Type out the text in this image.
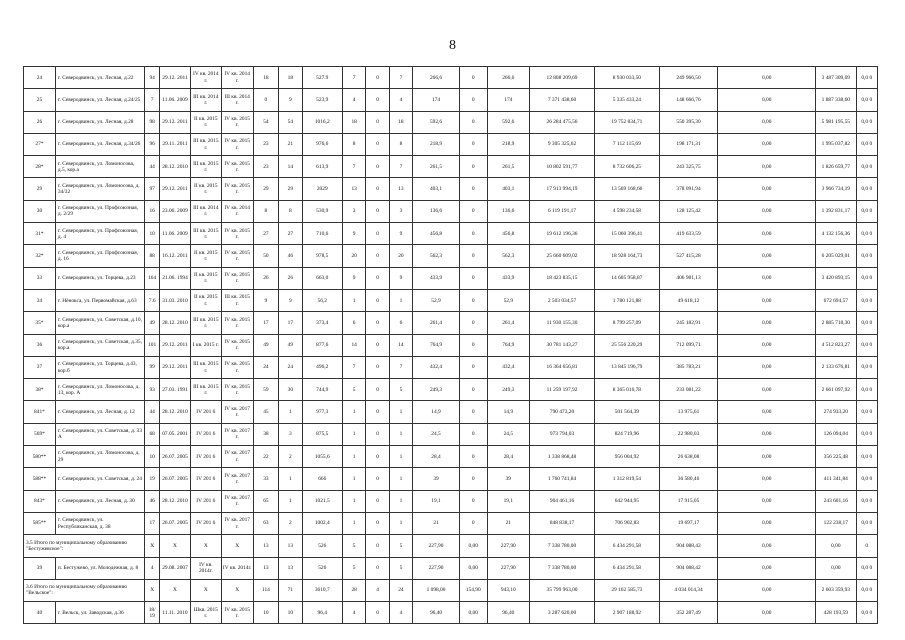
8
24	г. Северодвинск, ул. Лесная, д.22	94	29.12. 2011	IV кв. 2014 г.	IV кв. 2014 г.	18	18	527.9	7	0	7	266,6	0	266,6	12 808 209,69	8 930 033,50	249 966,50	0,00	3 487 309,69	0,0 0
25	г. Северодвинск, ул. Лесная, д.24/25	7	11.06. 2009	III кв. 2014 г.	III кв. 2014 г.	0	9	523,9	4	0	4	174	0	174	7 371 438,60	5 335 433,24	148 666,76	0,00	1 887 338,60	0,0 0
26	г. Северодвинск, ул. Лесная, д.28	98	29.12. 2011	II кв. 2015 г.	IV кв. 2015 г.	54	54	1016,2	18	0	18	592,6	0	592,6	26 284 475,56	19 752 834,71	550 395,30	0,00	5 981 195,55	0,0 0
27*	г. Северодвинск, ул. Лесная, д.34/26	96	29.11. 2011	III кв. 2015 г.	IV кв. 2015 г.	23	21	976,6	8	0	8	218,9	0	218,9	9 305 325,62	7 112 115,69	198 171,31	0,00	1 995 037,82	0,0 0
28*	г. Северодвинск, ул. Ломоносова, д.5, кор.а	44	28.12. 2010	III кв. 2015 г.	IV кв. 2015 г.	23	14	613,9	7	0	7	261,5	0	261,5	10 802 591,77	8 732 606,25	243 325,75	0,00	1 826 659,77	0,0 0
29	г. Северодвинск, ул. Ломоносова, д. 34/32	97	29.12. 2011	II кв. 2015 г.	IV кв. 2015 г.	29	29	2029	13	0	13	403,1	0	403,1	17 913 994,19	13 569 168,66	378 091,94	0,00	3 966 734,19	0,0 0
30	г. Северодвинск, ул. Профсоюзная, д. 2/29	16	23.06. 2009	III кв. 2014 г.	IV кв. 2014 г.	8	8	530,9	3	0	3	136,6	0	136,6	6 119 191,17	4 598 234,58	128 125,42	0,00	1 392 831,17	0,0 0
31*	г. Северодвинск, ул. Профсоюзная, д. 4	10	11.06. 2009	III кв. 2015 г.	IV кв. 2015 г.	27	27	710,6	9	0	9	456,8	0	456,8	19 612 196,36	15 060 396,41	419 633,59	0,00	4 132 156,36	0,0 0
32*	г. Северодвинск, ул. Профсоюзная, д. 16	88	16.12. 2011	II кв. 2015 г.	IV кв. 2015 г.	50	46	978,5	20	0	20	562,3	0	562,3	25 660 609,02	18 928 164,73	527 415,28	0,00	6 205 029,01	0,0 0
33	г. Северодвинск, ул. Торцева, д.23	164	21.06. 1994	II кв. 2015 г.	IV кв. 2015 г.	26	26	663,0	9	0	9	433,9	0	433,9	18 423 835,15	14 605 958,87	406 981,13	0,00	3 420 893,15	0,0 0
34	г. Нёнокса, ул. Первомайская, д.63	7.6	31.03. 2010	II кв. 2015 г.	III кв. 2015 г.	9	9	56,2	1	0	1	52,9	0	52,9	2 503 034,57	1 780 121,88	49 618,12	0,00	672 694,57	0,0 0
35*	г. Северодвинск, ул. Советская, д.10, кор.а	49	28.12. 2010	III кв. 2015 г.	IV кв. 2015 г.	17	17	373,4	6	0	6	261,4	0	261,4	11 930 155,30	8 799 257,09	245 182,91	0,00	2 885 718,30	0,0 0
36	г. Северодвинск, ул. Советская, д.35, кор.а	101	29.12. 2011	I кв. 2015 г.	IV кв. 2015 г.	49	49	877,6	14	0	14	764,9	0	764,9	30 781 143,27	25 556 220,29	712 099,71	0,00	4 512 823,27	0,0 0
37	г. Северодвинск, ул. Торцева, д.43, кор.б	99	29.12. 2011	III кв. 2015 г.	IV кв. 2015 г.	24	24	496,2	7	0	7	432,4	0	432,4	16 364 656,81	13 845 196,79	385 783,21	0,00	2 133 676,81	0,0 0
38*	г. Северодвинск, ул. Ломоносова, д. 13, кор. А	93	27.03. 1991	III кв. 2015 г.	IV кв. 2015 г.	59	30	744,9	5	0	5	249,3	0	249,3	11 259 197,92	8 365 016,78	233 081,22	0,00	2 661 097,92	0,0 0
841*	г. Северодвинск, ул. Лесная, д. 12	44	28.12. 2010	IV 201 6	IV кв. 2017 г.	45	1	977,3	1	0	1	14,9	0	14,9	790 473,20	501 564,39	13 975,61	0,00	274 933,20	0,0 0
569*	г. Северодвинск, ул. Советская, д. 33 А	68	07.05. 2001	IV 201 6	IV кв. 2017 г.	38	3	875,5	1	0	1	24,5	0	24,5	973 794,03	824 719,96	22 980,03	0,00	126 094,04	0,0 0
580**	г. Северодвинск, ул. Ломоносова, д. 29	10	26.07. 2005	IV 201 6	IV кв. 2017 г.	22	2	1055,6	1	0	1	28,4	0	28,4	1 338 868,48	956 004,92	26 638,08	0,00	356 225,48	0,0 0
588**	г. Северодвинск, ул. Советская, д. 24	19	26.07. 2005	IV 201 6	IV кв. 2017 г.	33	1	666	1	0	1	39	0	39	1 760 741,84	1 312 819,54	36 580,46	0,00	411 341,84	0,0 0
843*	г. Северодвинск, ул. Лесная, д. 30	46	28.12. 2010	IV 201 6	IV кв. 2017 г.	65	1	1021,5	1	0	1	19,1	0	19,1	904 461,16	642 944,95	17 915,05	0,00	243 601,16	0,0 0
585**	г. Северодвинск, ул. Республиканская, д. 38	17	26.07. 2005	IV 201 6	IV кв. 2017 г.	63	2	1002,4	1	0	1	21	0	21	848 838,17	706 902,83	19 697,17	0,00	122 238,17	0,0 0
3.5 Итого по муниципальному образованию "Бестужевское":		X	X	X	X	13	13	526	5	0	5	227,90	0,00	227,90	7 338 780,00	6 434 291,58	904 088,42	0,00	0,00	0
39	п. Бестужево, ул. Молодежная, д. 8	4	29.08. 2007	IV кв. 2014г.	IV кв. 2014г.	13	13	526	5	0	5	227,90	0,00	227,90	7 338 780,00	6 434 291,58	904 088,42	0,00	0,00	0,0 0
3.6 Итого по муниципальному образованию "Вельское":		X	X	X	X	114	71	3610,7	28	4	24	1 098,00	154,90	943,10	35 799 963,00	29 162 585,73	4 034 014,34	0,00	2 603 359,93	0,0 0
40	г. Вельск, ул. Заводская, д.36	18/ 19	11.11. 2010	Шкв. 2015 г.	IV кв. 2015 г.	10	10	96,4	4	0	4	96,40	0,00	96,40	3 287 620,00	2 907 188,92	352 287,49	0,00	428 193,59	0,0 0
